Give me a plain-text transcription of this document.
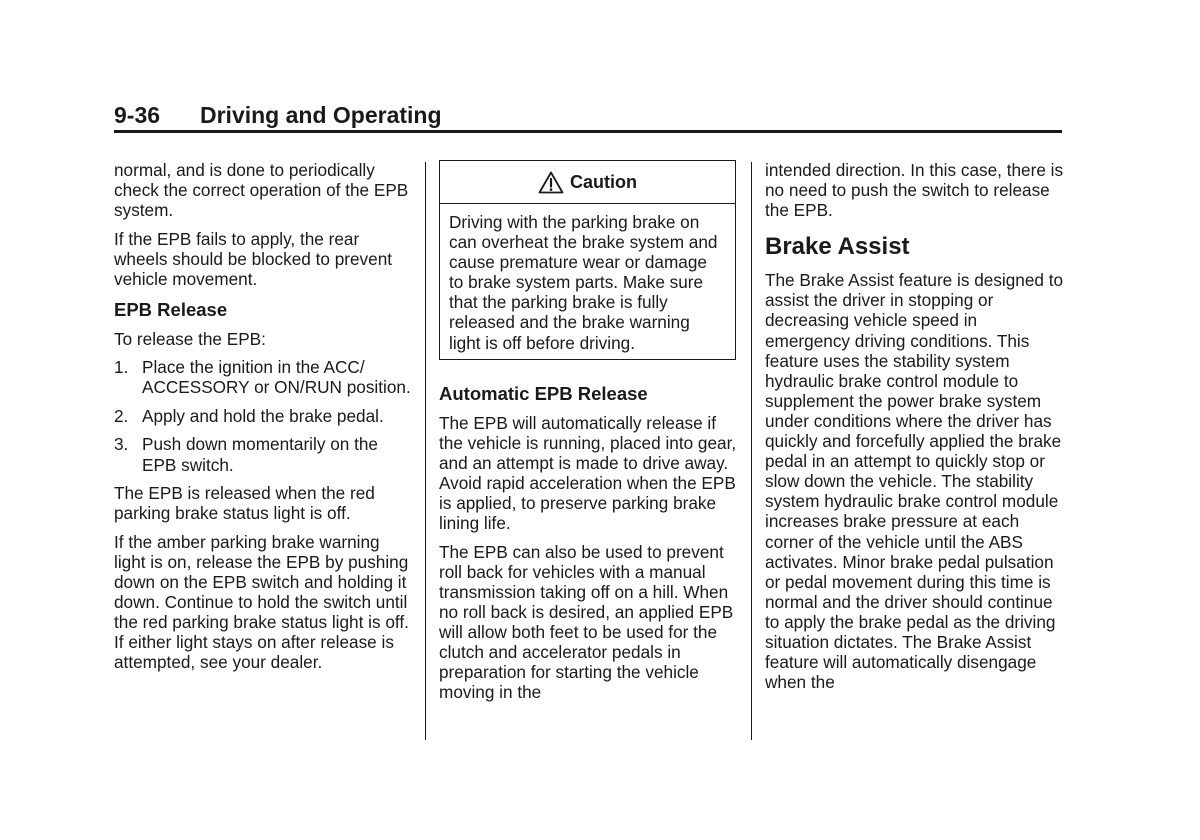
9-36 Driving and Operating

normal, and is done to periodically check the correct operation of the EPB system.

If the EPB fails to apply, the rear wheels should be blocked to prevent vehicle movement.

EPB Release

To release the EPB:

1. Place the ignition in the ACC/ ACCESSORY or ON/RUN position.
2. Apply and hold the brake pedal.
3. Push down momentarily on the EPB switch.

The EPB is released when the red parking brake status light is off.

If the amber parking brake warning light is on, release the EPB by pushing down on the EPB switch and holding it down. Continue to hold the switch until the red parking brake status light is off. If either light stays on after release is attempted, see your dealer.

Caution
Driving with the parking brake on can overheat the brake system and cause premature wear or damage to brake system parts. Make sure that the parking brake is fully released and the brake warning light is off before driving.
Automatic EPB Release

The EPB will automatically release if the vehicle is running, placed into gear, and an attempt is made to drive away. Avoid rapid acceleration when the EPB is applied, to preserve parking brake lining life.

The EPB can also be used to prevent roll back for vehicles with a manual transmission taking off on a hill. When no roll back is desired, an applied EPB will allow both feet to be used for the clutch and accelerator pedals in preparation for starting the vehicle moving in the

intended direction. In this case, there is no need to push the switch to release the EPB.

Brake Assist

The Brake Assist feature is designed to assist the driver in stopping or decreasing vehicle speed in emergency driving conditions. This feature uses the stability system hydraulic brake control module to supplement the power brake system under conditions where the driver has quickly and forcefully applied the brake pedal in an attempt to quickly stop or slow down the vehicle. The stability system hydraulic brake control module increases brake pressure at each corner of the vehicle until the ABS activates. Minor brake pedal pulsation or pedal movement during this time is normal and the driver should continue to apply the brake pedal as the driving situation dictates. The Brake Assist feature will automatically disengage when the
